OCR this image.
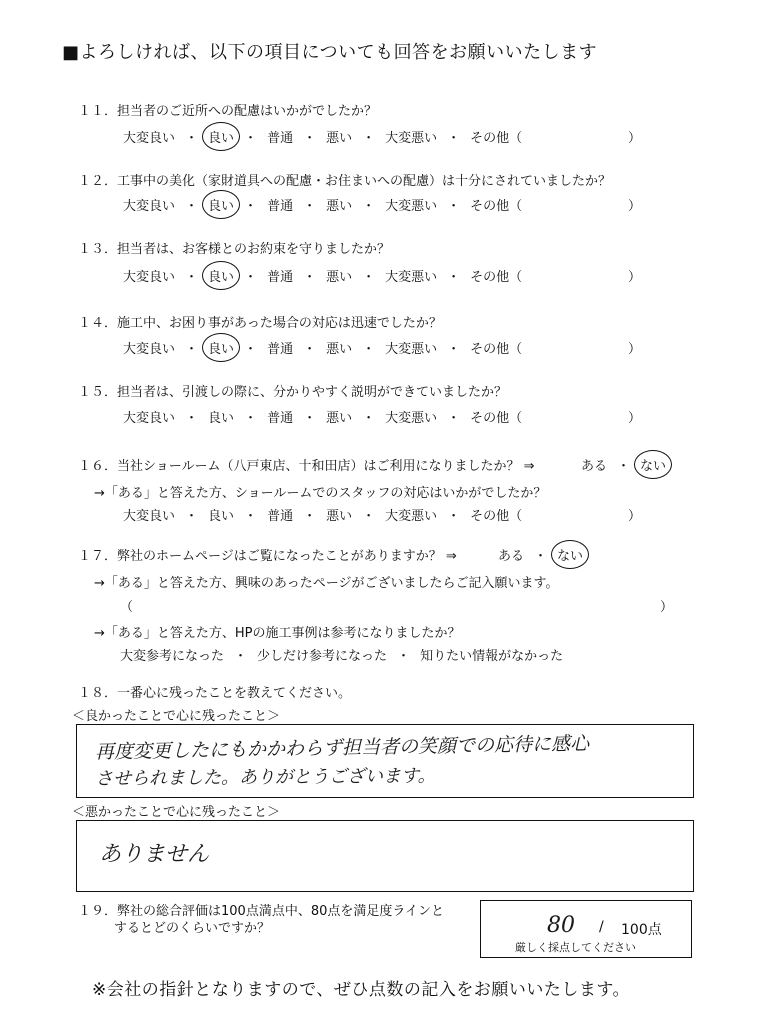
■よろしければ、以下の項目についても回答をお願いいたします
１１．担当者のご近所への配慮はいかがでしたか？
大変良い ・ 良い ・ 普通 ・ 悪い ・ 大変悪い ・ その他（	）
１２．工事中の美化（家財道具への配慮・お住まいへの配慮）は十分にされていましたか？
大変良い ・ 良い ・ 普通 ・ 悪い ・ 大変悪い ・ その他（	）
１３．担当者は、お客様とのお約束を守りましたか？
大変良い ・ 良い ・ 普通 ・ 悪い ・ 大変悪い ・ その他（	）
１４．施工中、お困り事があった場合の対応は迅速でしたか？
大変良い ・ 良い ・ 普通 ・ 悪い ・ 大変悪い ・ その他（	）
１５．担当者は、引渡しの際に、分かりやすく説明ができていましたか？
大変良い ・ 良い ・ 普通 ・ 悪い ・ 大変悪い ・ その他（	）
１６．当社ショールーム（八戸東店、十和田店）はご利用になりましたか？ ⇒	ある ・ ない
→「ある」と答えた方、ショールームでのスタッフの対応はいかがでしたか？
大変良い ・ 良い ・ 普通 ・ 悪い ・ 大変悪い ・ その他（	）
１７．弊社のホームページはご覧になったことがありますか？ ⇒	ある ・ ない
→「ある」と答えた方、興味のあったページがございましたらご記入願います。
（	）
→「ある」と答えた方、HPの施工事例は参考になりましたか？
大変参考になった ・ 少しだけ参考になった ・ 知りたい情報がなかった
１８．一番心に残ったことを教えてください。
＜良かったことで心に残ったこと＞
再度変更したにもかかわらず担当者の笑顔での応待に感心
させられました。ありがとうございます。
＜悪かったことで心に残ったこと＞
ありません
１９．弊社の総合評価は100点満点中、80点を満足度ラインと
するとどのくらいですか？	80 / 100点
厳しく採点してください
※会社の指針となりますので、ぜひ点数の記入をお願いいたします。
